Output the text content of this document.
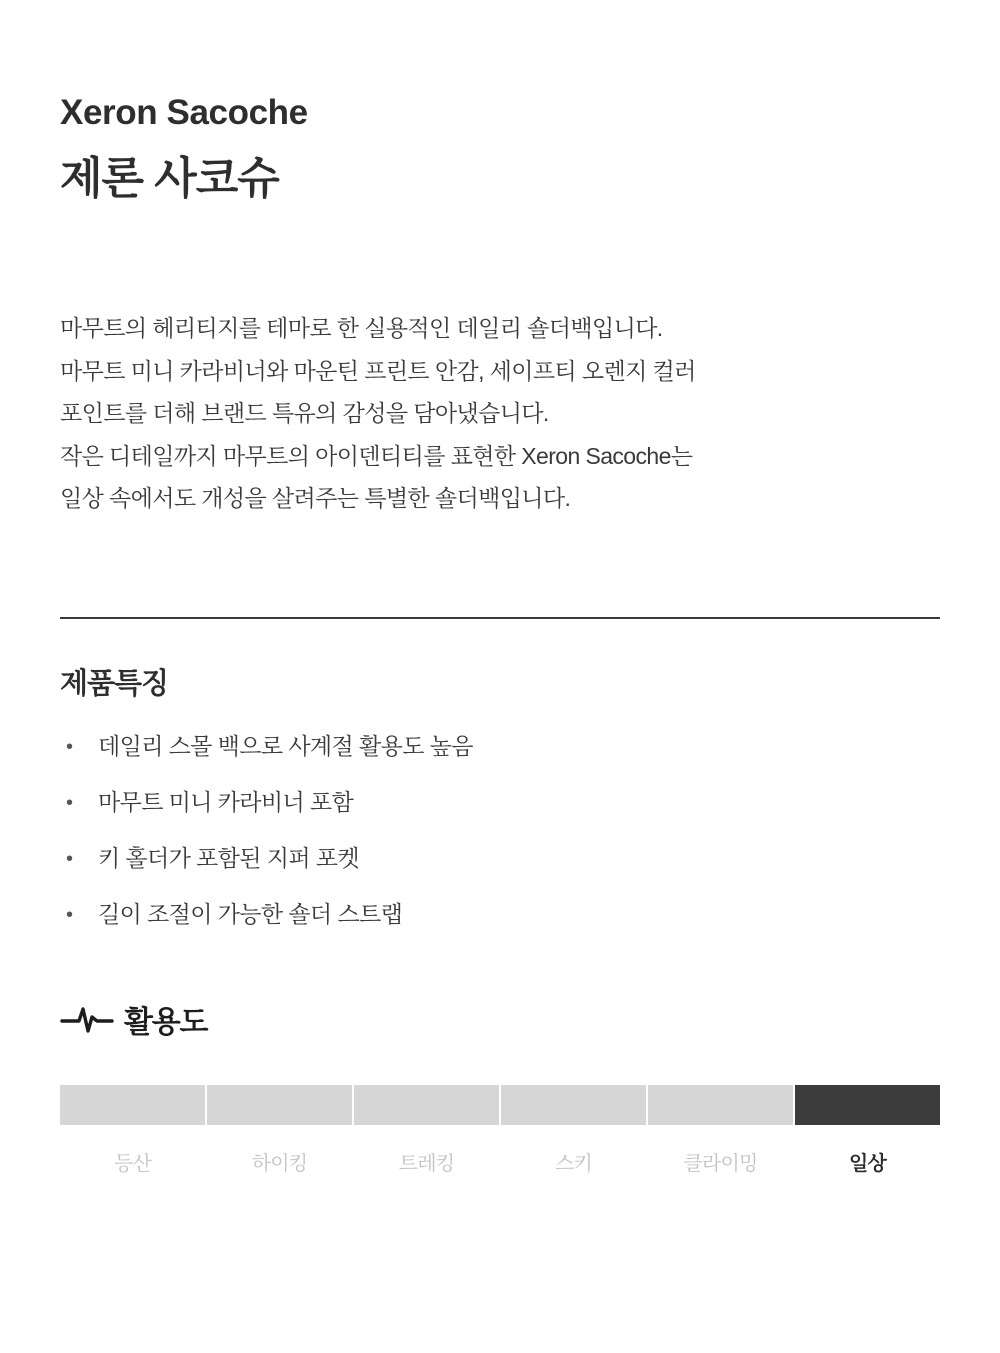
Xeron Sacoche
제론 사코슈
마무트의 헤리티지를 테마로 한 실용적인 데일리 숄더백입니다.
마무트 미니 카라비너와 마운틴 프린트 안감, 세이프티 오렌지 컬러
포인트를 더해 브랜드 특유의 감성을 담아냈습니다.
작은 디테일까지 마무트의 아이덴티티를 표현한 Xeron Sacoche는
일상 속에서도 개성을 살려주는 특별한 숄더백입니다.
제품특징
• 데일리 스몰 백으로 사계절 활용도 높음
• 마무트 미니 카라비너 포함
• 키 홀더가 포함된 지퍼 포켓
• 길이 조절이 가능한 숄더 스트랩
활용도
등산	하이킹	트레킹	스키	클라이밍	일상
